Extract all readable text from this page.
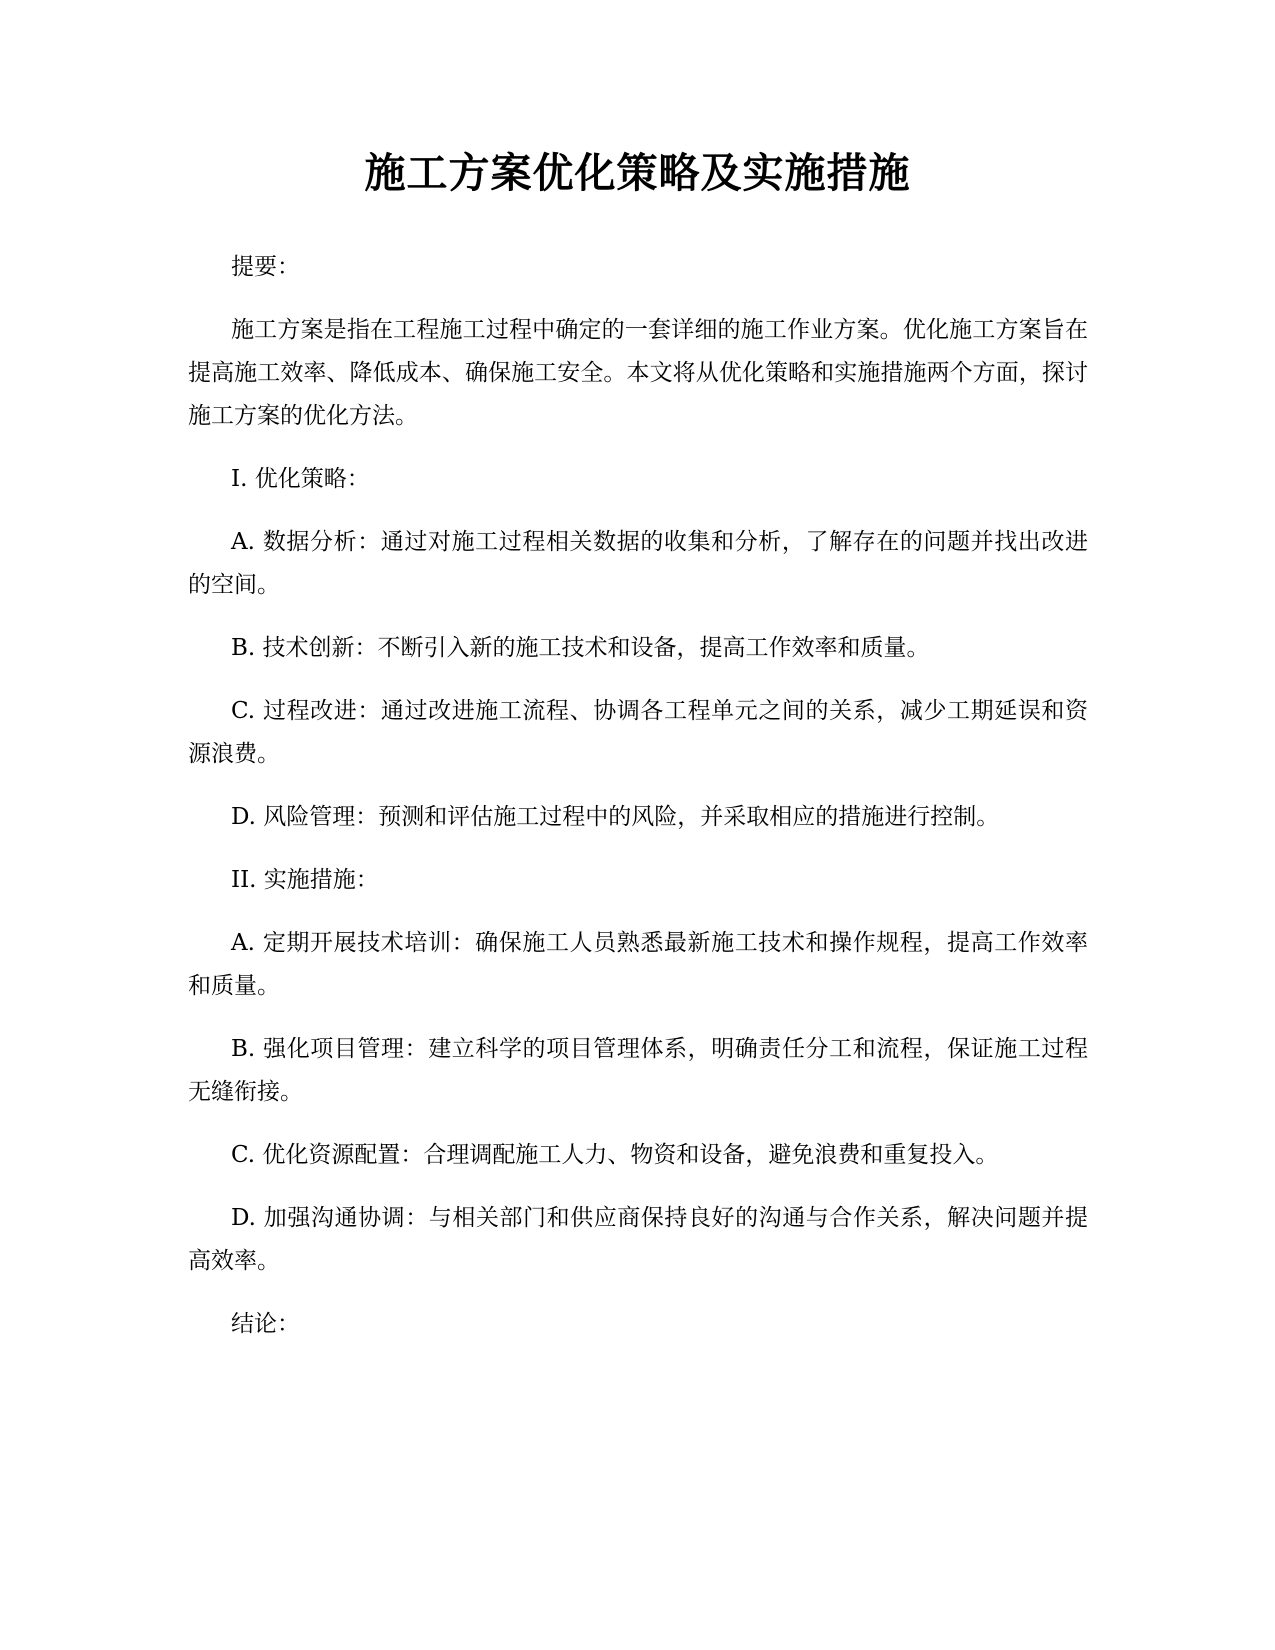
施工方案优化策略及实施措施

提要：

施工方案是指在工程施工过程中确定的一套详细的施工作业方案。优化施工方案旨在提高施工效率、降低成本、确保施工安全。本文将从优化策略和实施措施两个方面，探讨施工方案的优化方法。

I. 优化策略：

A. 数据分析：通过对施工过程相关数据的收集和分析，了解存在的问题并找出改进的空间。

B. 技术创新：不断引入新的施工技术和设备，提高工作效率和质量。

C. 过程改进：通过改进施工流程、协调各工程单元之间的关系，减少工期延误和资源浪费。

D. 风险管理：预测和评估施工过程中的风险，并采取相应的措施进行控制。

II. 实施措施：

A. 定期开展技术培训：确保施工人员熟悉最新施工技术和操作规程，提高工作效率和质量。

B. 强化项目管理：建立科学的项目管理体系，明确责任分工和流程，保证施工过程无缝衔接。

C. 优化资源配置：合理调配施工人力、物资和设备，避免浪费和重复投入。

D. 加强沟通协调：与相关部门和供应商保持良好的沟通与合作关系，解决问题并提高效率。

结论：
